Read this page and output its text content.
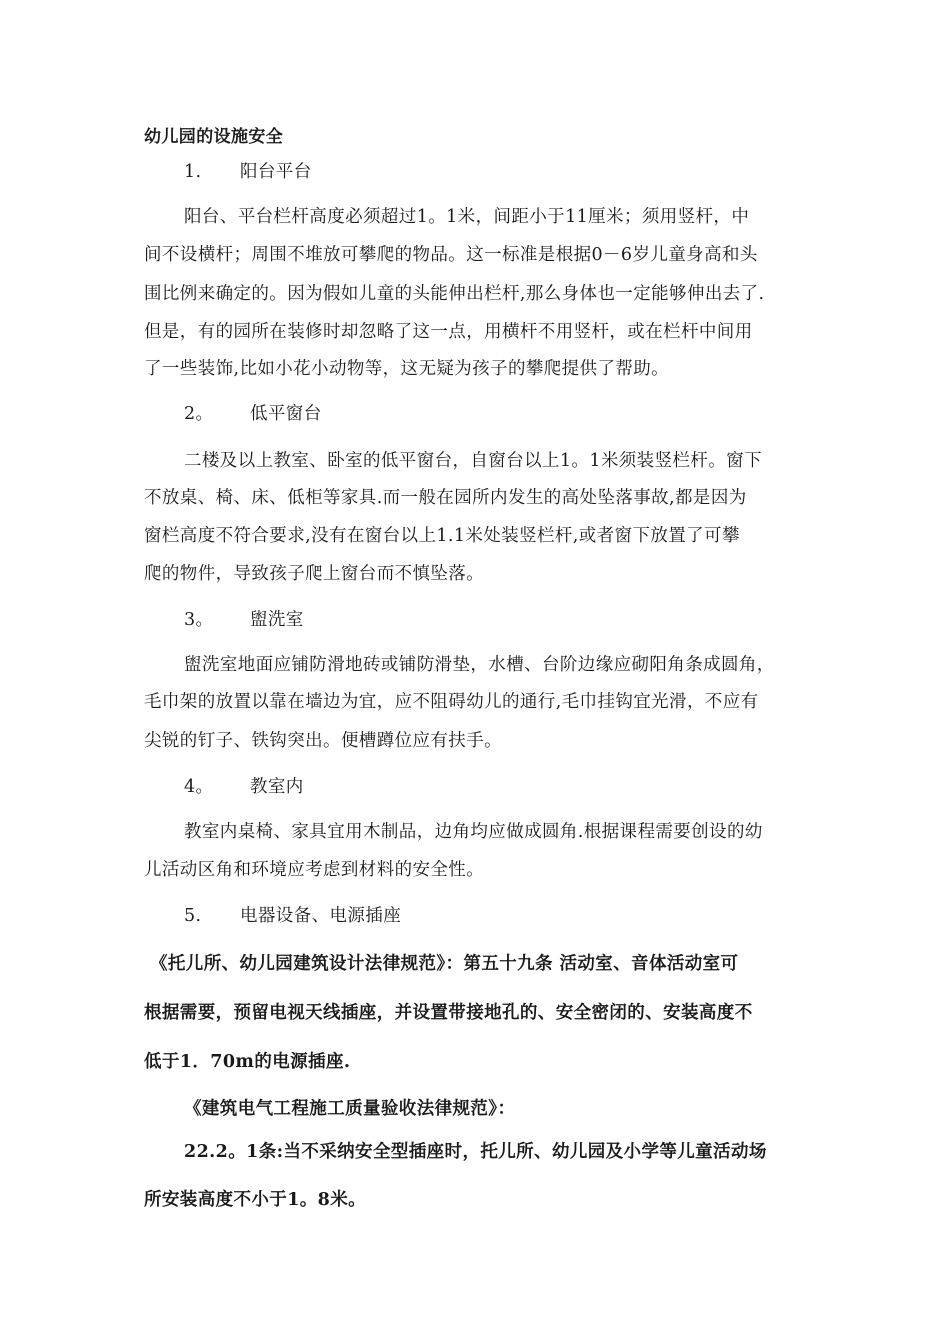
幼儿园的设施安全
1. 阳台平台
阳台、平台栏杆高度必须超过1。1米，间距小于11厘米；须用竖杆，中
间不设横杆；周围不堆放可攀爬的物品。这一标准是根据0－6岁儿童身高和头
围比例来确定的。因为假如儿童的头能伸出栏杆,那么身体也一定能够伸出去了.
但是，有的园所在装修时却忽略了这一点，用横杆不用竖杆，或在栏杆中间用
了一些装饰,比如小花小动物等，这无疑为孩子的攀爬提供了帮助。
2。 低平窗台
二楼及以上教室、卧室的低平窗台，自窗台以上1。1米须装竖栏杆。窗下
不放桌、椅、床、低柜等家具.而一般在园所内发生的高处坠落事故,都是因为
窗栏高度不符合要求,没有在窗台以上1.1米处装竖栏杆,或者窗下放置了可攀
爬的物件，导致孩子爬上窗台而不慎坠落。
3。 盥洗室
盥洗室地面应铺防滑地砖或铺防滑垫，水槽、台阶边缘应砌阳角条成圆角，
毛巾架的放置以靠在墙边为宜，应不阻碍幼儿的通行,毛巾挂钩宜光滑，不应有
尖锐的钉子、铁钩突出。便槽蹲位应有扶手。
4。 教室内
教室内桌椅、家具宜用木制品，边角均应做成圆角.根据课程需要创设的幼
儿活动区角和环境应考虑到材料的安全性。
5. 电器设备、电源插座
《托儿所、幼儿园建筑设计法律规范》：第五十九条 活动室、音体活动室可
根据需要，预留电视天线插座，并设置带接地孔的、安全密闭的、安装高度不
低于1．70m的电源插座.
《建筑电气工程施工质量验收法律规范》：
22.2。1条:当不采纳安全型插座时，托儿所、幼儿园及小学等儿童活动场
所安装高度不小于1。8米。
